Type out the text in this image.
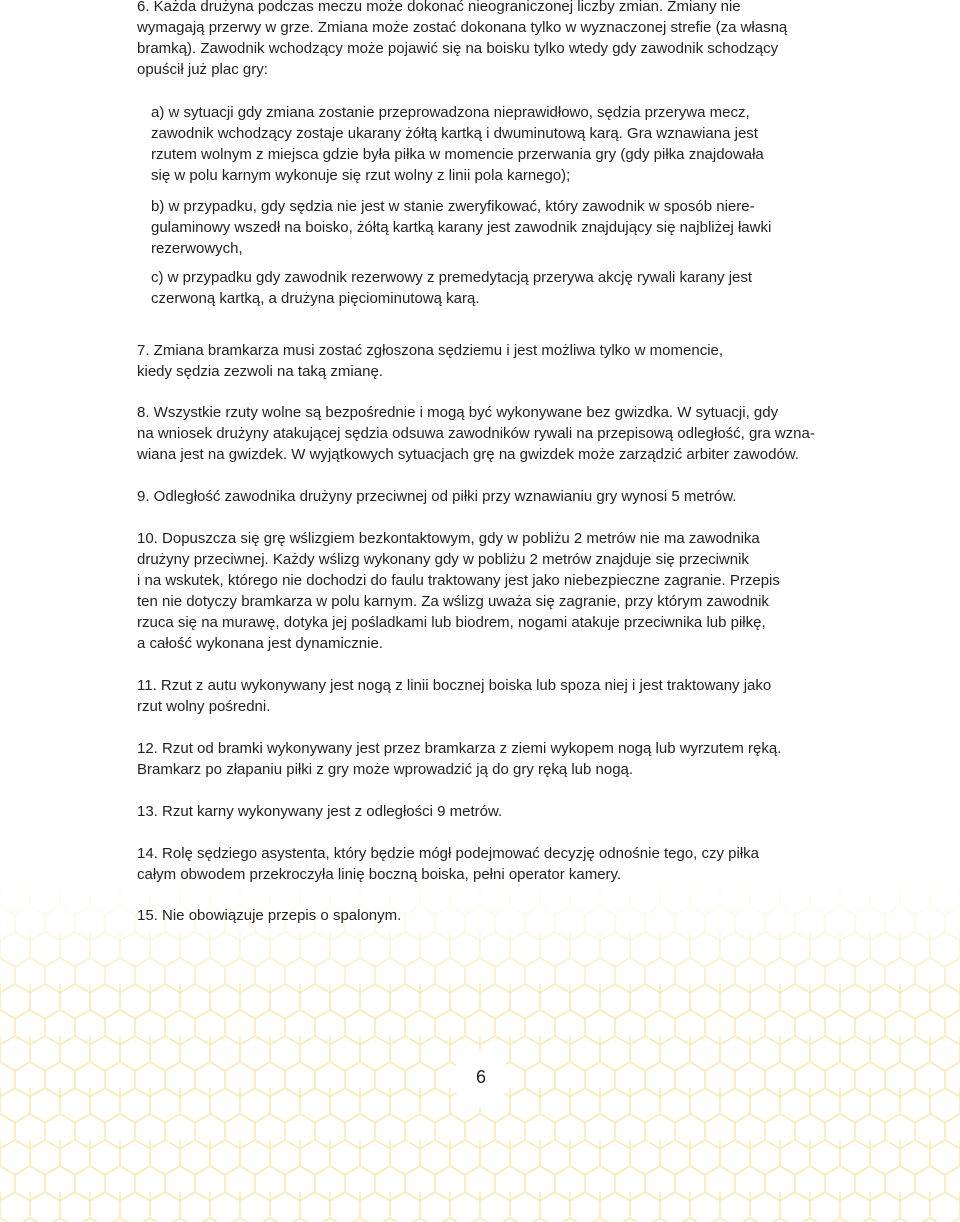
6. Każda drużyna podczas meczu może dokonać nieograniczonej liczby zmian. Zmiany nie
wymagają przerwy w grze. Zmiana może zostać dokonana tylko w wyznaczonej strefie (za własną
bramką). Zawodnik wchodzący może pojawić się na boisku tylko wtedy gdy zawodnik schodzący
opuścił już plac gry:
a) w sytuacji gdy zmiana zostanie przeprowadzona nieprawidłowo, sędzia przerywa mecz,
zawodnik wchodzący zostaje ukarany żółtą kartką i dwuminutową karą. Gra wznawiana jest
rzutem wolnym z miejsca gdzie była piłka w momencie przerwania gry (gdy piłka znajdowała
się w polu karnym wykonuje się rzut wolny z linii pola karnego);
b) w przypadku, gdy sędzia nie jest w stanie zweryfikować, który zawodnik w sposób niere-
gulaminowy wszedł na boisko, żółtą kartką karany jest zawodnik znajdujący się najbliżej ławki
rezerwowych,
c) w przypadku gdy zawodnik rezerwowy z premedytacją przerywa akcję rywali karany jest
czerwoną kartką, a drużyna pięciominutową karą.
7. Zmiana bramkarza musi zostać zgłoszona sędziemu i jest możliwa tylko w momencie,
kiedy sędzia zezwoli na taką zmianę.
8. Wszystkie rzuty wolne są bezpośrednie i mogą być wykonywane bez gwizdka. W sytuacji, gdy
na wniosek drużyny atakującej sędzia odsuwa zawodników rywali na przepisową odległość, gra wzna-
wiana jest na gwizdek. W wyjątkowych sytuacjach grę na gwizdek może zarządzić arbiter zawodów.
9. Odległość zawodnika drużyny przeciwnej od piłki przy wznawianiu gry wynosi 5 metrów.
10. Dopuszcza się grę wślizgiem bezkontaktowym, gdy w pobliżu 2 metrów nie ma zawodnika
drużyny przeciwnej. Każdy wślizg wykonany gdy w pobliżu 2 metrów znajduje się przeciwnik
i na wskutek, którego nie dochodzi do faulu traktowany jest jako niebezpieczne zagranie. Przepis
ten nie dotyczy bramkarza w polu karnym. Za wślizg uważa się zagranie, przy którym zawodnik
rzuca się na murawę, dotyka jej pośladkami lub biodrem, nogami atakuje przeciwnika lub piłkę,
a całość wykonana jest dynamicznie.
11. Rzut z autu wykonywany jest nogą z linii bocznej boiska lub spoza niej i jest traktowany jako
rzut wolny pośredni.
12. Rzut od bramki wykonywany jest przez bramkarza z ziemi wykopem nogą lub wyrzutem ręką.
Bramkarz po złapaniu piłki z gry może wprowadzić ją do gry ręką lub nogą.
13. Rzut karny wykonywany jest z odległości 9 metrów.
14. Rolę sędziego asystenta, który będzie mógł podejmować decyzję odnośnie tego, czy piłka
całym obwodem przekroczyła linię boczną boiska, pełni operator kamery.
15. Nie obowiązuje przepis o spalonym.
6
